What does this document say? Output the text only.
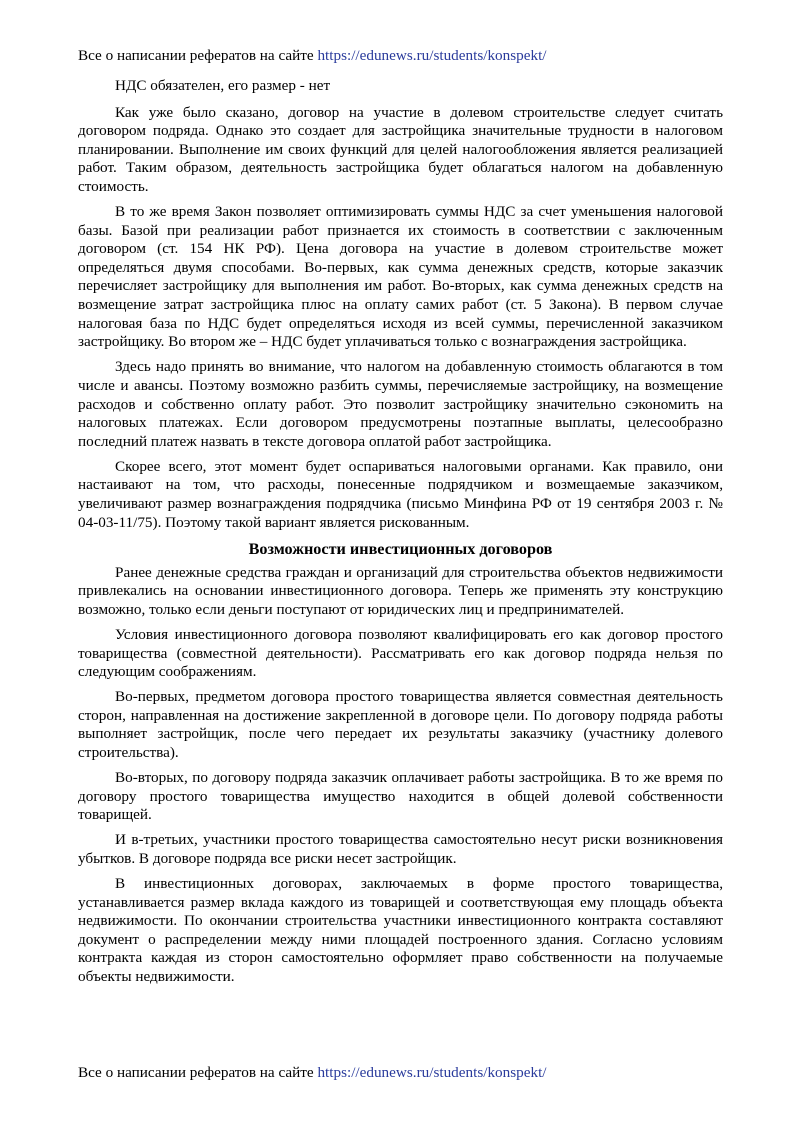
Все о написании рефератов на сайте https://edunews.ru/students/konspekt/

НДС обязателен, его размер - нет

Как уже было сказано, договор на участие в долевом строительстве следует считать договором подряда. Однако это создает для застройщика значительные трудности в налоговом планировании. Выполнение им своих функций для целей налогообложения является реализацией работ. Таким образом, деятельность застройщика будет облагаться налогом на добавленную стоимость.

В то же время Закон позволяет оптимизировать суммы НДС за счет уменьшения налоговой базы. Базой при реализации работ признается их стоимость в соответствии с заключенным договором (ст. 154 НК РФ). Цена договора на участие в долевом строительстве может определяться двумя способами. Во-первых, как сумма денежных средств, которые заказчик перечисляет застройщику для выполнения им работ. Во-вторых, как сумма денежных средств на возмещение затрат застройщика плюс на оплату самих работ (ст. 5 Закона). В первом случае налоговая база по НДС будет определяться исходя из всей суммы, перечисленной заказчиком застройщику. Во втором же – НДС будет уплачиваться только с вознаграждения застройщика.

Здесь надо принять во внимание, что налогом на добавленную стоимость облагаются в том числе и авансы. Поэтому возможно разбить суммы, перечисляемые застройщику, на возмещение расходов и собственно оплату работ. Это позволит застройщику значительно сэкономить на налоговых платежах. Если договором предусмотрены поэтапные выплаты, целесообразно последний платеж назвать в тексте договора оплатой работ застройщика.

Скорее всего, этот момент будет оспариваться налоговыми органами. Как правило, они настаивают на том, что расходы, понесенные подрядчиком и возмещаемые заказчиком, увеличивают размер вознаграждения подрядчика (письмо Минфина РФ от 19 сентября 2003 г. № 04-03-11/75). Поэтому такой вариант является рискованным.

Возможности инвестиционных договоров

Ранее денежные средства граждан и организаций для строительства объектов недвижимости привлекались на основании инвестиционного договора. Теперь же применять эту конструкцию возможно, только если деньги поступают от юридических лиц и предпринимателей.

Условия инвестиционного договора позволяют квалифицировать его как договор простого товарищества (совместной деятельности). Рассматривать его как договор подряда нельзя по следующим соображениям.

Во-первых, предметом договора простого товарищества является совместная деятельность сторон, направленная на достижение закрепленной в договоре цели. По договору подряда работы выполняет застройщик, после чего передает их результаты заказчику (участнику долевого строительства).

Во-вторых, по договору подряда заказчик оплачивает работы застройщика. В то же время по договору простого товарищества имущество находится в общей долевой собственности товарищей.

И в-третьих, участники простого товарищества самостоятельно несут риски возникновения убытков. В договоре подряда все риски несет застройщик.

В инвестиционных договорах, заключаемых в форме простого товарищества, устанавливается размер вклада каждого из товарищей и соответствующая ему площадь объекта недвижимости. По окончании строительства участники инвестиционного контракта составляют документ о распределении между ними площадей построенного здания. Согласно условиям контракта каждая из сторон самостоятельно оформляет право собственности на получаемые объекты недвижимости.

Все о написании рефератов на сайте https://edunews.ru/students/konspekt/
